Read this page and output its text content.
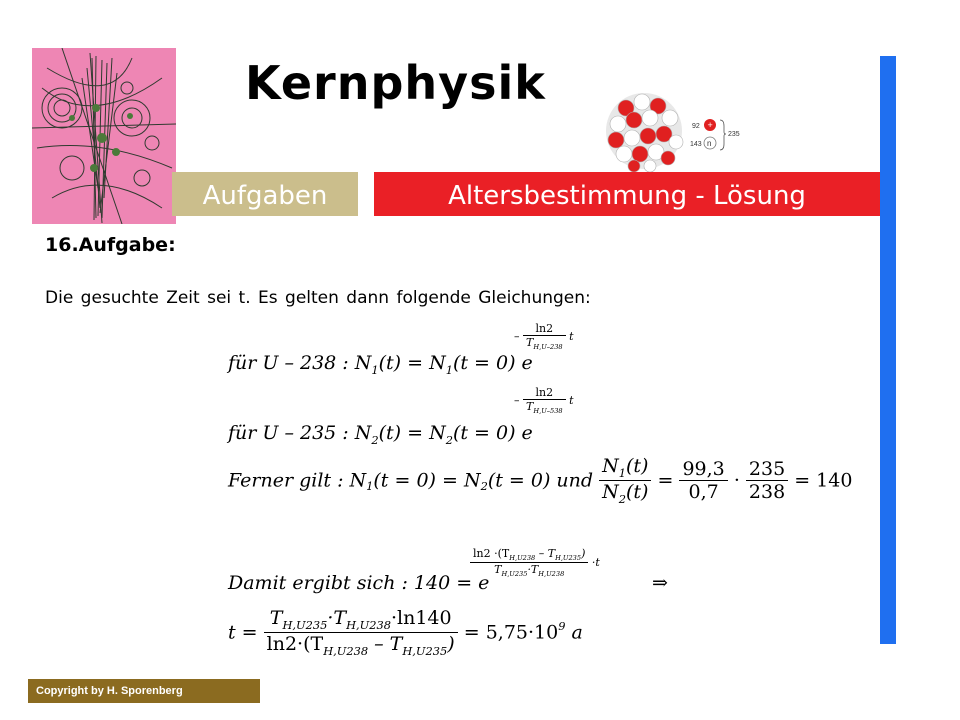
Kernphysik
92
143
235
+
n
Aufgaben	Altersbestimmung - Lösung
16.Aufgabe:
Die gesuchte Zeit sei t. Es gelten dann folgende Gleichungen:
für U – 238 : $N_1(t) = N_1(t = 0)$ e
– $\frac{\ln 2}{T_{H,U-238}}$ t
für U – 235 : $N_2(t) = N_2(t = 0)$ e
– $\frac{\ln 2}{T_{H,U-538}}$ t
Ferner gilt : $N_1(t = 0) = N_2(t = 0)$ und $\frac{N_1(t)}{N_2(t)} = \frac{99,3}{0,7} \cdot \frac{235}{238} = 140$
Damit ergibt sich : 140 = e
$\frac{\ln 2 \cdot(T_{H,U238} - T_{H,U235})}{T_{H,U235}\cdot T_{H,U238}} \cdot t$
⇒
$t = \frac{T_{H,U235}\cdot T_{H,U238}\cdot\ln 140}{\ln 2\cdot(T_{H,U238} - T_{H,U235})} = 5,75\cdot 10^9$ a
Copyright by H. Sporenberg
